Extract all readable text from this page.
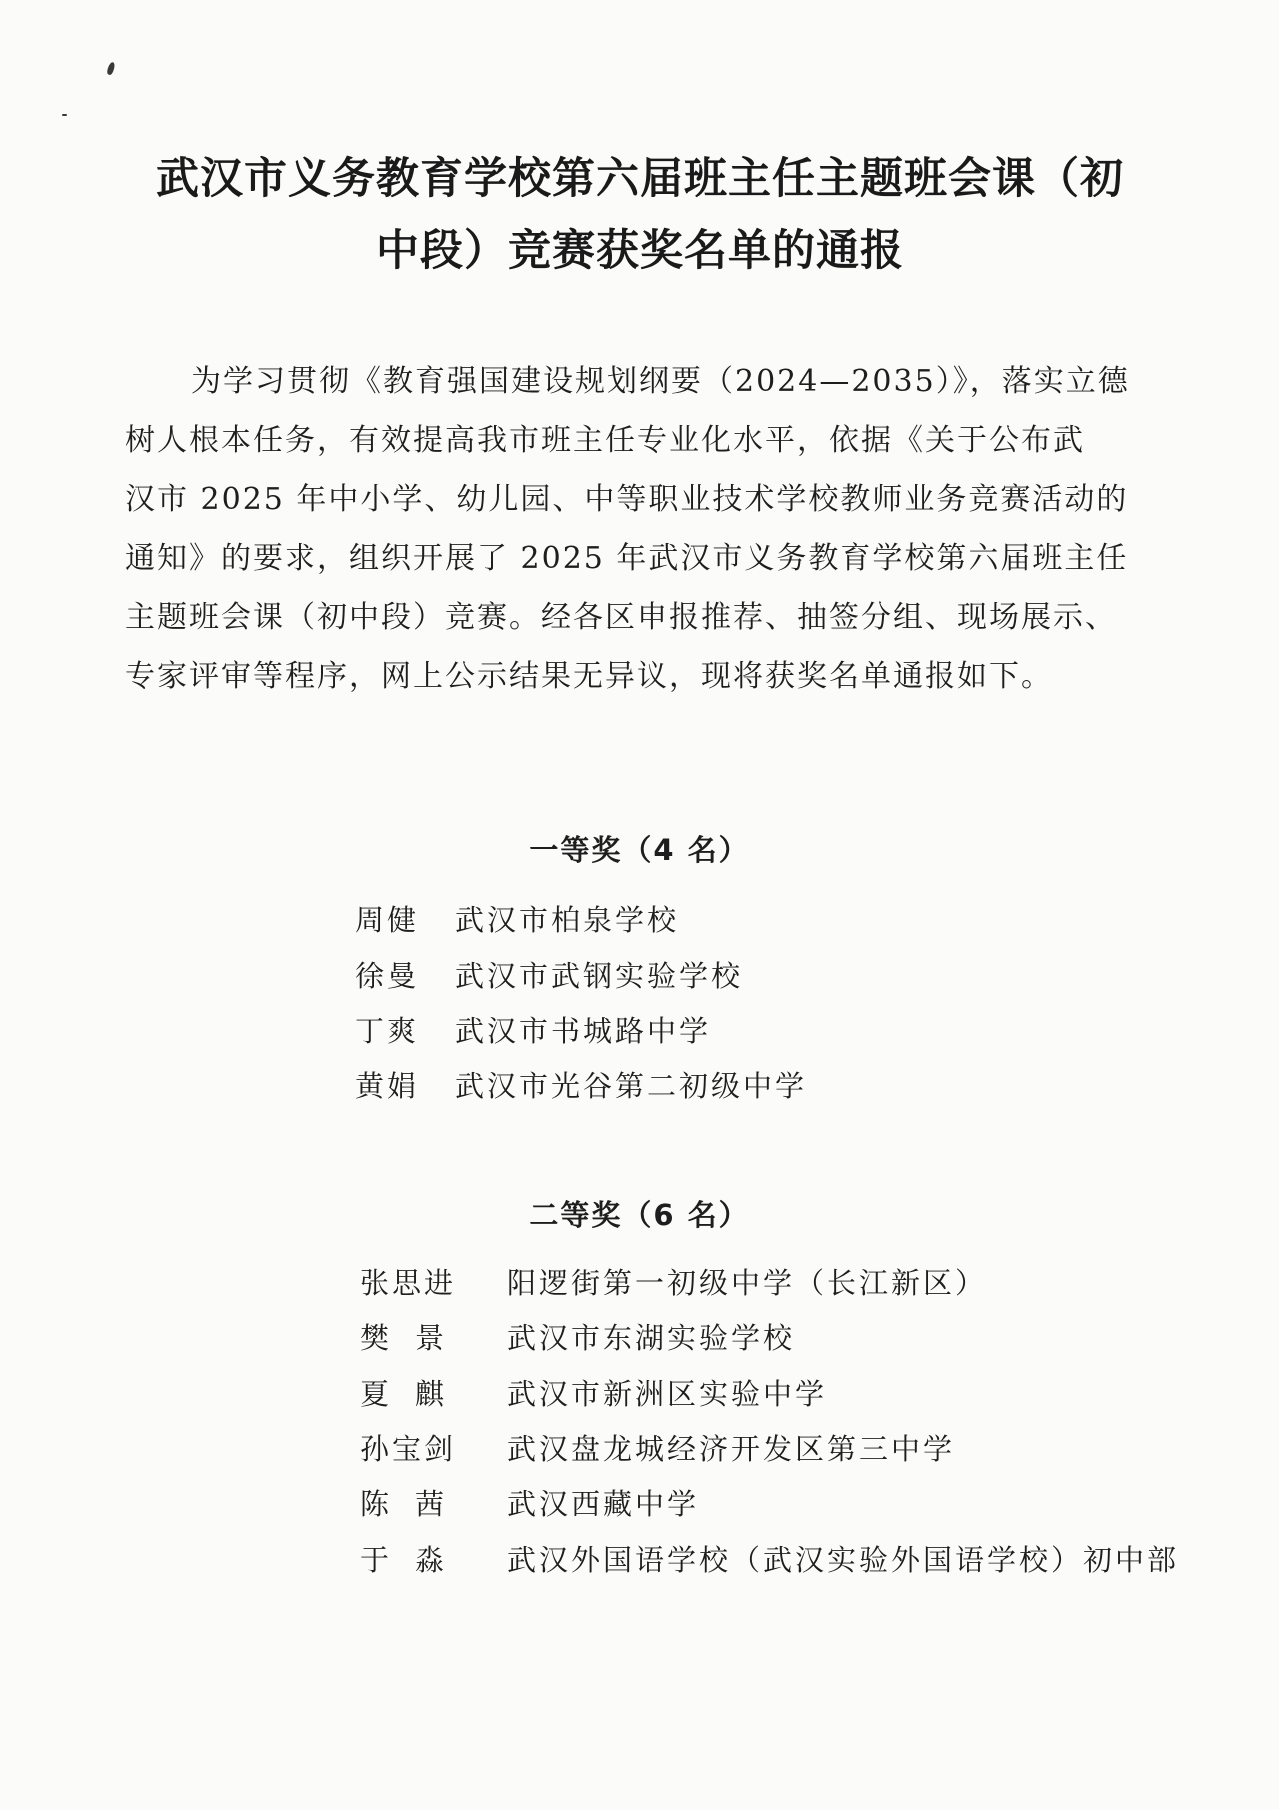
武汉市义务教育学校第六届班主任主题班会课（初
中段）竞赛获奖名单的通报
为学习贯彻《教育强国建设规划纲要（2024—2035）》，落实立德
树人根本任务，有效提高我市班主任专业化水平，依据《关于公布武
汉市 2025 年中小学、幼儿园、中等职业技术学校教师业务竞赛活动的
通知》的要求，组织开展了 2025 年武汉市义务教育学校第六届班主任
主题班会课（初中段）竞赛。经各区申报推荐、抽签分组、现场展示、
专家评审等程序，网上公示结果无异议，现将获奖名单通报如下。
一等奖（4 名）
周健 武汉市柏泉学校
徐曼 武汉市武钢实验学校
丁爽 武汉市书城路中学
黄娟 武汉市光谷第二初级中学
二等奖（6 名）
张思进 阳逻街第一初级中学（长江新区）
樊景 武汉市东湖实验学校
夏麒 武汉市新洲区实验中学
孙宝剑 武汉盘龙城经济开发区第三中学
陈茜 武汉西藏中学
于淼 武汉外国语学校（武汉实验外国语学校）初中部
